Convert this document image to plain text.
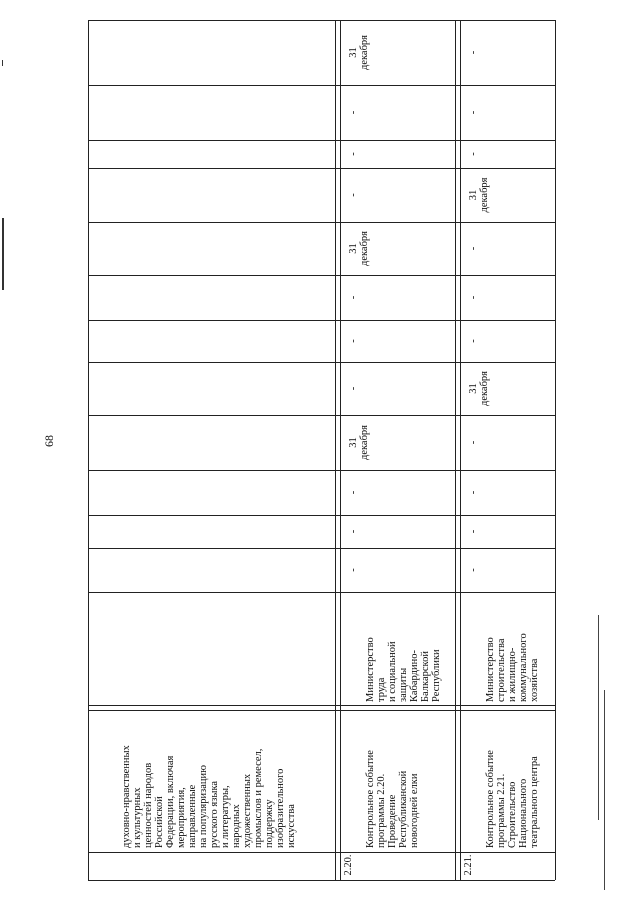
68

духовно-нравственных и культурных ценностей народов Российской Федерации, включая мероприятия, направленные на популяризацию русского языка и литературы, народных художественных промыслов и ремесел, поддержку изобразительного искусства

2.20.

Контрольное событие программы 2.20. Проведение Республиканской новогодней елки

Министерство труда и социальной защиты Кабардино- Балкарской Республики

2.21.

Контрольное событие программы 2.21. Строительство Национального театрального центра

Министерство строительства и жилищно- коммунального хозяйства

-
-
-
31
декабря
-
-
-
31
декабря
-
-
-
31
декабря
-
-
-
-
31
декабря
-
-
-
31
декабря
-
-
-
